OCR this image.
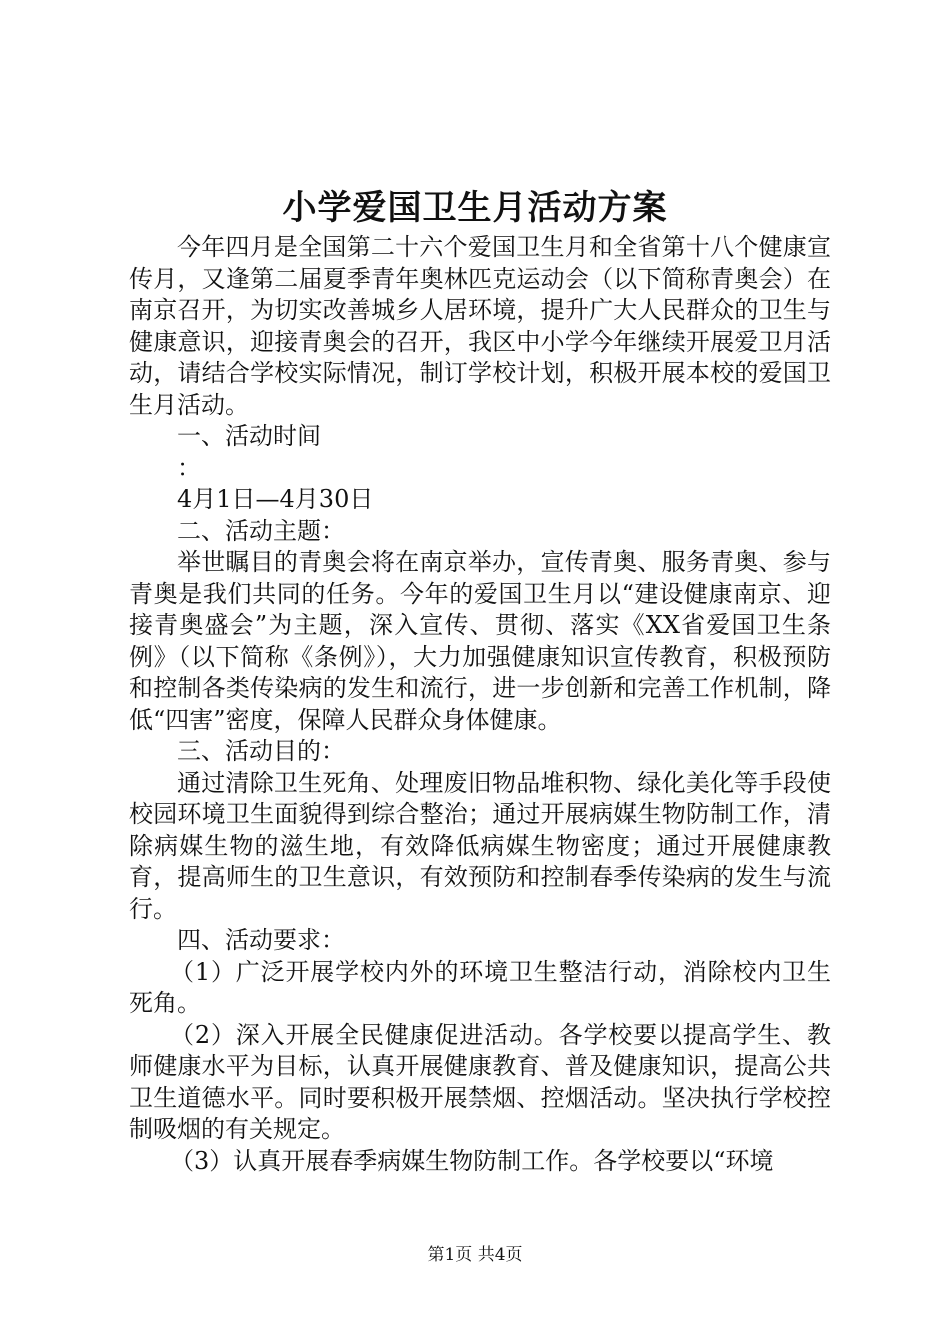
小学爱国卫生月活动方案

今年四月是全国第二十六个爱国卫生月和全省第十八个健康宣传月，又逢第二届夏季青年奥林匹克运动会（以下简称青奥会）在南京召开，为切实改善城乡人居环境，提升广大人民群众的卫生与健康意识，迎接青奥会的召开，我区中小学今年继续开展爱卫月活动，请结合学校实际情况，制订学校计划，积极开展本校的爱国卫生月活动。

一、活动时间

：

4月1日—4月30日

二、活动主题：

举世瞩目的青奥会将在南京举办，宣传青奥、服务青奥、参与青奥是我们共同的任务。今年的爱国卫生月以“建设健康南京、迎接青奥盛会”为主题，深入宣传、贯彻、落实《XX省爱国卫生条例》（以下简称《条例》），大力加强健康知识宣传教育，积极预防和控制各类传染病的发生和流行，进一步创新和完善工作机制，降低“四害”密度，保障人民群众身体健康。

三、活动目的：

通过清除卫生死角、处理废旧物品堆积物、绿化美化等手段使校园环境卫生面貌得到综合整治；通过开展病媒生物防制工作，清除病媒生物的滋生地，有效降低病媒生物密度；通过开展健康教育，提高师生的卫生意识，有效预防和控制春季传染病的发生与流行。

四、活动要求：

（1）广泛开展学校内外的环境卫生整洁行动，消除校内卫生死角。

（2）深入开展全民健康促进活动。各学校要以提高学生、教师健康水平为目标，认真开展健康教育、普及健康知识，提高公共卫生道德水平。同时要积极开展禁烟、控烟活动。坚决执行学校控制吸烟的有关规定。

（3）认真开展春季病媒生物防制工作。各学校要以“环境

第1页 共4页
